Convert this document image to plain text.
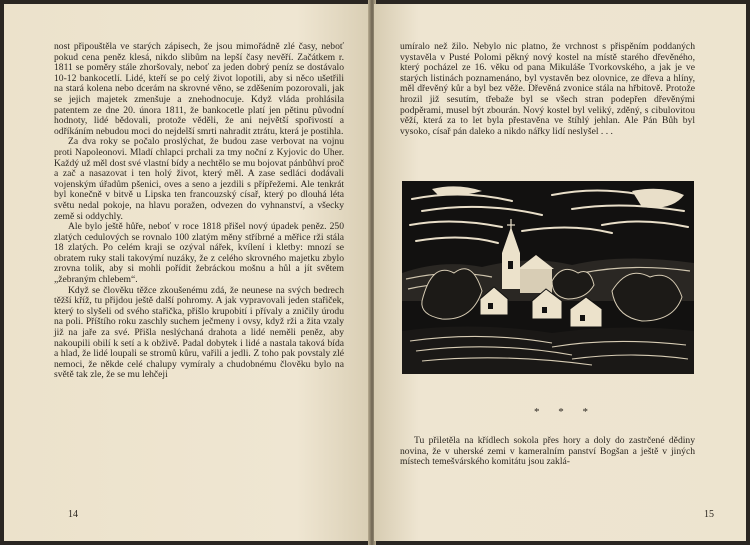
nost připouštěla ve starých zápisech, že jsou mimořádně zlé časy, neboť pokud cena peněz klesá, nikdo slibům na lepší časy nevěří. Začátkem r. 1811 se poměry stále zhoršovaly, neboť za jeden dobrý peníz se dostávalo 10-12 bankocetlí. Lidé, kteří se po celý život lopotili, aby si něco ušetřili na stará kolena nebo dcerám na skrovné věno, se zděšením pozorovali, jak se jejich majetek zmenšuje a znehodnocuje. Když vláda prohlásila patentem ze dne 20. února 1811, že bankocetle platí jen pětinu původní hodnoty, lidé bědovali, protože věděli, že ani největší spořivostí a odříkáním nebudou moci do nejdelší smrti nahradit ztrátu, která je postihla.

Za dva roky se počalo proslýchat, že budou zase verbovat na vojnu proti Napoleonovi. Mladí chlapci prchali za tmy noční z Kyjovic do Uher. Každý už měl dost své vlastní bídy a nechtělo se mu bojovat pánbůhví proč a zač a nasazovat i ten holý život, který měl. A zase sedláci dodávali vojenským úřadům pšenici, oves a seno a jezdili s přípřežemi. Ale tenkrát byl konečně v bitvě u Lipska ten francouzský císař, který po dlouhá léta světu nedal pokoje, na hlavu poražen, odvezen do vyhnanství, a všecky země si oddychly.

Ale bylo ještě hůře, neboť v roce 1818 přišel nový úpadek peněz. 250 zlatých cedulových se rovnalo 100 zlatým měny stříbrné a měřice rži stála 18 zlatých. Po celém kraji se ozýval nářek, kvílení i kletby: mnozí se obratem ruky stali takovýmí nuzáky, že z celého skrovného majetku zbylo zrovna tolik, aby si mohli pořídit žebráckou mošnu a hůl a jít světem „žebraným chlebem“.

Když se člověku těžce zkoušenému zdá, že neunese na svých bedrech těžší kříž, tu přijdou ještě další pohromy. A jak vypravovali jeden stařiček, který to slyšeli od svého stařička, přišlo krupobití i přívaly a zničily úrodu na poli. Příštího roku zaschly suchem ječmeny i ovsy, když rži a žita vzaly již na jaře za své. Přišla neslýchaná drahota a lidé neměli peněz, aby nakoupili obilí k setí a k obživě. Padal dobytek i lidé a nastala taková bída a hlad, že lidé loupali se stromů kůru, vařili a jedli. Z toho pak povstaly zlé nemoci, že někde celé chalupy vymíraly a chudobnému člověku bylo na světě tak zle, že se mu lehčeji

14

umíralo než žilo. Nebylo nic platno, že vrchnost s přispěním poddaných vystavěla v Pusté Polomi pěkný nový kostel na místě starého dřevěného, který pocházel ze 16. věku od pana Mikuláše Tvorkovského, a jak je ve starých listinách poznamenáno, byl vystavěn bez olovnice, ze dřeva a hlíny, měl dřevěný kůr a byl bez věže. Dřevěná zvonice stála na hřbitově. Protože hrozil již sesutím, třebaže byl se všech stran podepřen dřevěnými podpěrami, musel být zbourán. Nový kostel byl veliký, zděný, s cibulovitou věží, která za to let byla přestavěna ve štíhlý jehlan. Ale Pán Bůh byl vysoko, císař pán daleko a nikdo nářky lidí neslyšel . . .

* * *

Tu přiletěla na křídlech sokola přes hory a doly do zastrčené dědiny novina, že v uherské zemi v kameralním panství Bogšan a ještě v jiných místech temešvárského komitátu jsou zaklá-

15
